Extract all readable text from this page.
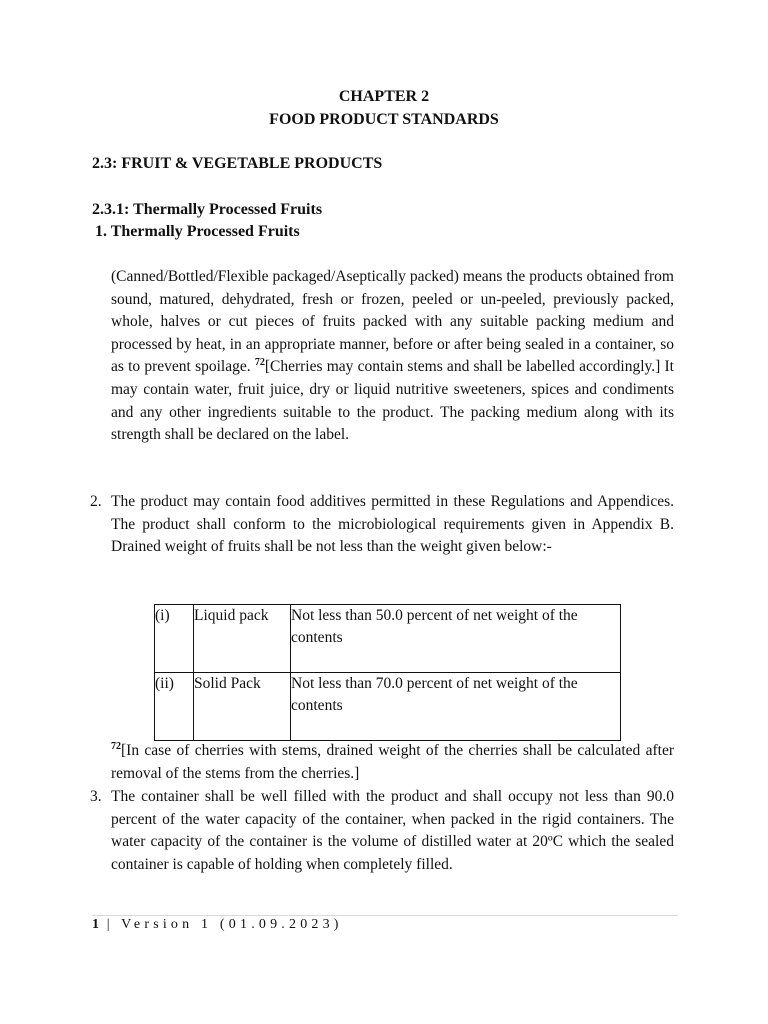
CHAPTER 2
FOOD PRODUCT STANDARDS
2.3: FRUIT & VEGETABLE PRODUCTS
2.3.1: Thermally Processed Fruits
1. Thermally Processed Fruits
(Canned/Bottled/Flexible packaged/Aseptically packed) means the products obtained from sound, matured, dehydrated, fresh or frozen, peeled or un-peeled, previously packed, whole, halves or cut pieces of fruits packed with any suitable packing medium and processed by heat, in an appropriate manner, before or after being sealed in a container, so as to prevent spoilage. $^{72}$[Cherries may contain stems and shall be labelled accordingly.] It may contain water, fruit juice, dry or liquid nutritive sweeteners, spices and condiments and any other ingredients suitable to the product. The packing medium along with its strength shall be declared on the label.
2. The product may contain food additives permitted in these Regulations and Appendices. The product shall conform to the microbiological requirements given in Appendix B. Drained weight of fruits shall be not less than the weight given below:-
(i)	Liquid pack	Not less than 50.0 percent of net weight of the contents
(ii)	Solid Pack	Not less than 70.0 percent of net weight of the contents
$^{72}$[In case of cherries with stems, drained weight of the cherries shall be calculated after removal of the stems from the cherries.]
3. The container shall be well filled with the product and shall occupy not less than 90.0 percent of the water capacity of the container, when packed in the rigid containers. The water capacity of the container is the volume of distilled water at 20ºC which the sealed container is capable of holding when completely filled.
1 | Version 1 (01.09.2023)
